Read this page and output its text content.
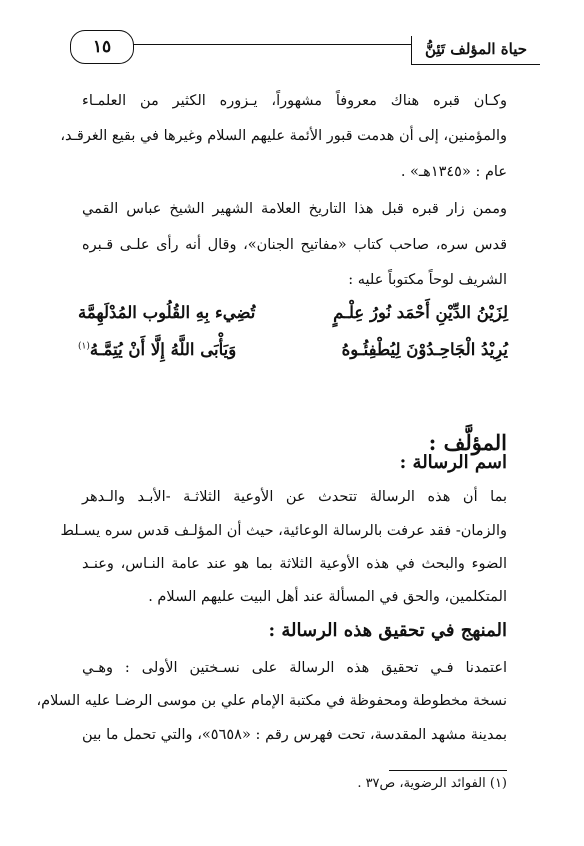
١٥	حياة المؤلف تَئِنُّ
وكـان قبره هناك معروفاً مشهوراً، يـزوره الكثير من العلمـاء
والمؤمنين، إلى أن هدمت قبور الأئمة عليهم السلام وغيرها في بقيع الغرقـد،
عام : «١٣٤٥هـ» .
وممن زار قبره قبل هذا التاريخ العلامة الشهير الشيخ عباس القمي
قدس سره، صاحب كتاب «مفاتيح الجنان»، وقال أنه رأى علـى قـبره
الشريف لوحاً مكتوباً عليه :
لِزَيْنُ الدِّيْنِ أَحْمَد نُورُ عِلْـمٍ
تُضِيء بِهِ القُلُوب المُدْلَهِمَّة
يُرِيْدُ الْجَاحِـدُوْنَ لِيُطْفِئُـوهُ
وَيَأْبَى اللَّهُ إِلَّا أَنْ يُتِمَّـهُ$^{(١)}$
المؤلَّف :
اسم الرسالة :
بما أن هذه الرسالة تتحدث عن الأوعية الثلاثـة -الأبـد والـدهر
والزمان- فقد عرفت بالرسالة الوعائية، حيث أن المؤلـف قدس سره يسـلط
الضوء والبحث في هذه الأوعية الثلاثة بما هو عند عامة النـاس، وعنـد
المتكلمين، والحق في المسألة عند أهل البيت عليهم السلام .
المنهج في تحقيق هذه الرسالة :
اعتمدنا فـي تحقيق هذه الرسالة على نسـختين الأولى : وهـي
نسخة مخطوطة ومحفوظة في مكتبة الإمام علي بن موسى الرضـا عليه السلام،
بمدينة مشهد المقدسة، تحت فهرس رقم : «٥٦٥٨»، والتي تحمل ما بين
(١) الفوائد الرضوية، ص٣٧ .
